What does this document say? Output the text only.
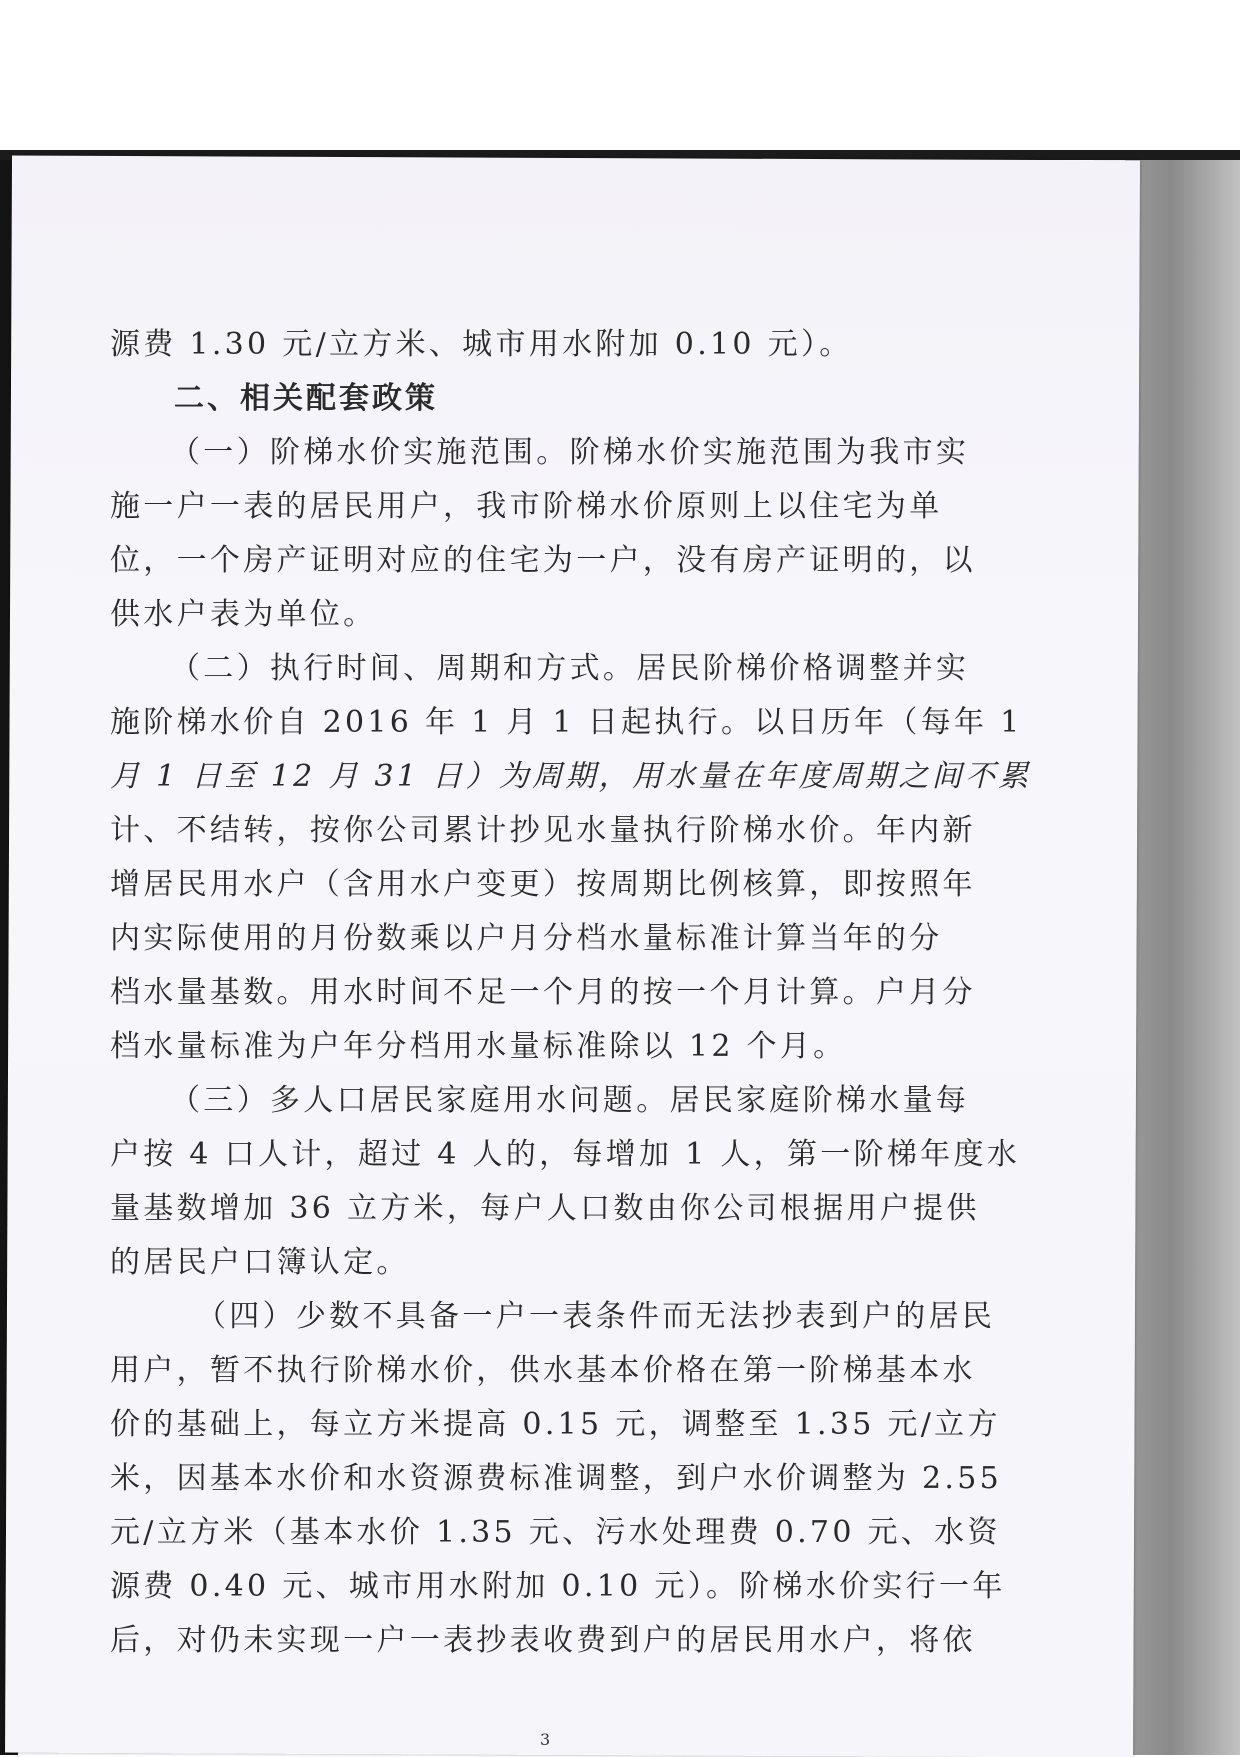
源费 1.30 元/立方米、城市用水附加 0.10 元）。
二、相关配套政策
（一）阶梯水价实施范围。阶梯水价实施范围为我市实
施一户一表的居民用户，我市阶梯水价原则上以住宅为单
位，一个房产证明对应的住宅为一户，没有房产证明的，以
供水户表为单位。
（二）执行时间、周期和方式。居民阶梯价格调整并实
施阶梯水价自 2016 年 1 月 1 日起执行。以日历年（每年 1
月 1 日至 12 月 31 日）为周期，用水量在年度周期之间不累
计、不结转，按你公司累计抄见水量执行阶梯水价。年内新
增居民用水户（含用水户变更）按周期比例核算，即按照年
内实际使用的月份数乘以户月分档水量标准计算当年的分
档水量基数。用水时间不足一个月的按一个月计算。户月分
档水量标准为户年分档用水量标准除以 12 个月。
（三）多人口居民家庭用水问题。居民家庭阶梯水量每
户按 4 口人计，超过 4 人的，每增加 1 人，第一阶梯年度水
量基数增加 36 立方米，每户人口数由你公司根据用户提供
的居民户口簿认定。
（四）少数不具备一户一表条件而无法抄表到户的居民
用户，暂不执行阶梯水价，供水基本价格在第一阶梯基本水
价的基础上，每立方米提高 0.15 元，调整至 1.35 元/立方
米，因基本水价和水资源费标准调整，到户水价调整为 2.55
元/立方米（基本水价 1.35 元、污水处理费 0.70 元、水资
源费 0.40 元、城市用水附加 0.10 元）。阶梯水价实行一年
后，对仍未实现一户一表抄表收费到户的居民用水户，将依
3
